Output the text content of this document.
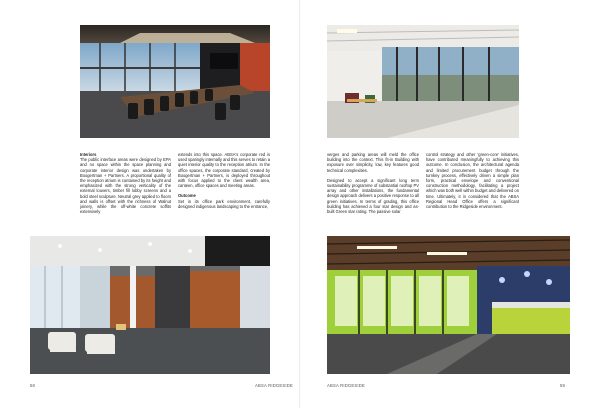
Interiors

The public interface areas were designed by EPA and no space within the space planning and corporate interior design was undertaken by Boogertman + Partners. A proportional quality of the reception atrium is contained by its height and emphasized with the strong verticality of the external louvers, timber fill lobby screens and a bold steel sculpture. Neutral grey applied to floors and walls is offset with the richness of Walnut joinery, while the off-white concrete soffits extensively

extends into this space. ABSA's corporate red is used sparingly internally and this serves to retain a quiet interior quality to the reception atrium. In the office spaces, the corporate standard, created by Boogertman + Partners, is deployed throughout with focus applied to the client wealth area, canteen, office spaces and meeting areas.

Outcome

Set in its office park environment, carefully designed indigenous landscaping to the entrance,

58	ABSA RIDGESIDE

verges and parking areas will meld the office building into the context. This fit-in Building with exposure over simplicity, low, key features good technical complexities.

Designed to accept a significant long term sustainability programme of substantial rooftop PV array and other installations, the fundamental design approach delivers a positive response to all green initiatives. In terms of grading, this office building has achieved a four star design and as-built Green star rating. The passive solar

control strategy and other 'green-core' initiatives, have contributed meaningfully to achieving this outcome. In conclusion, the architectural agenda and limited procurement budget through the turnkey process, effectively driven a simple plan form, practical envelope and conventional construction methodology, facilitating a project which was both well within budget and delivered on time. Ultimately, it is considered that the ABSA Regional Head Office offers a significant contribution to the Ridgeside environment.

ABSA RIDGESIDE	59
